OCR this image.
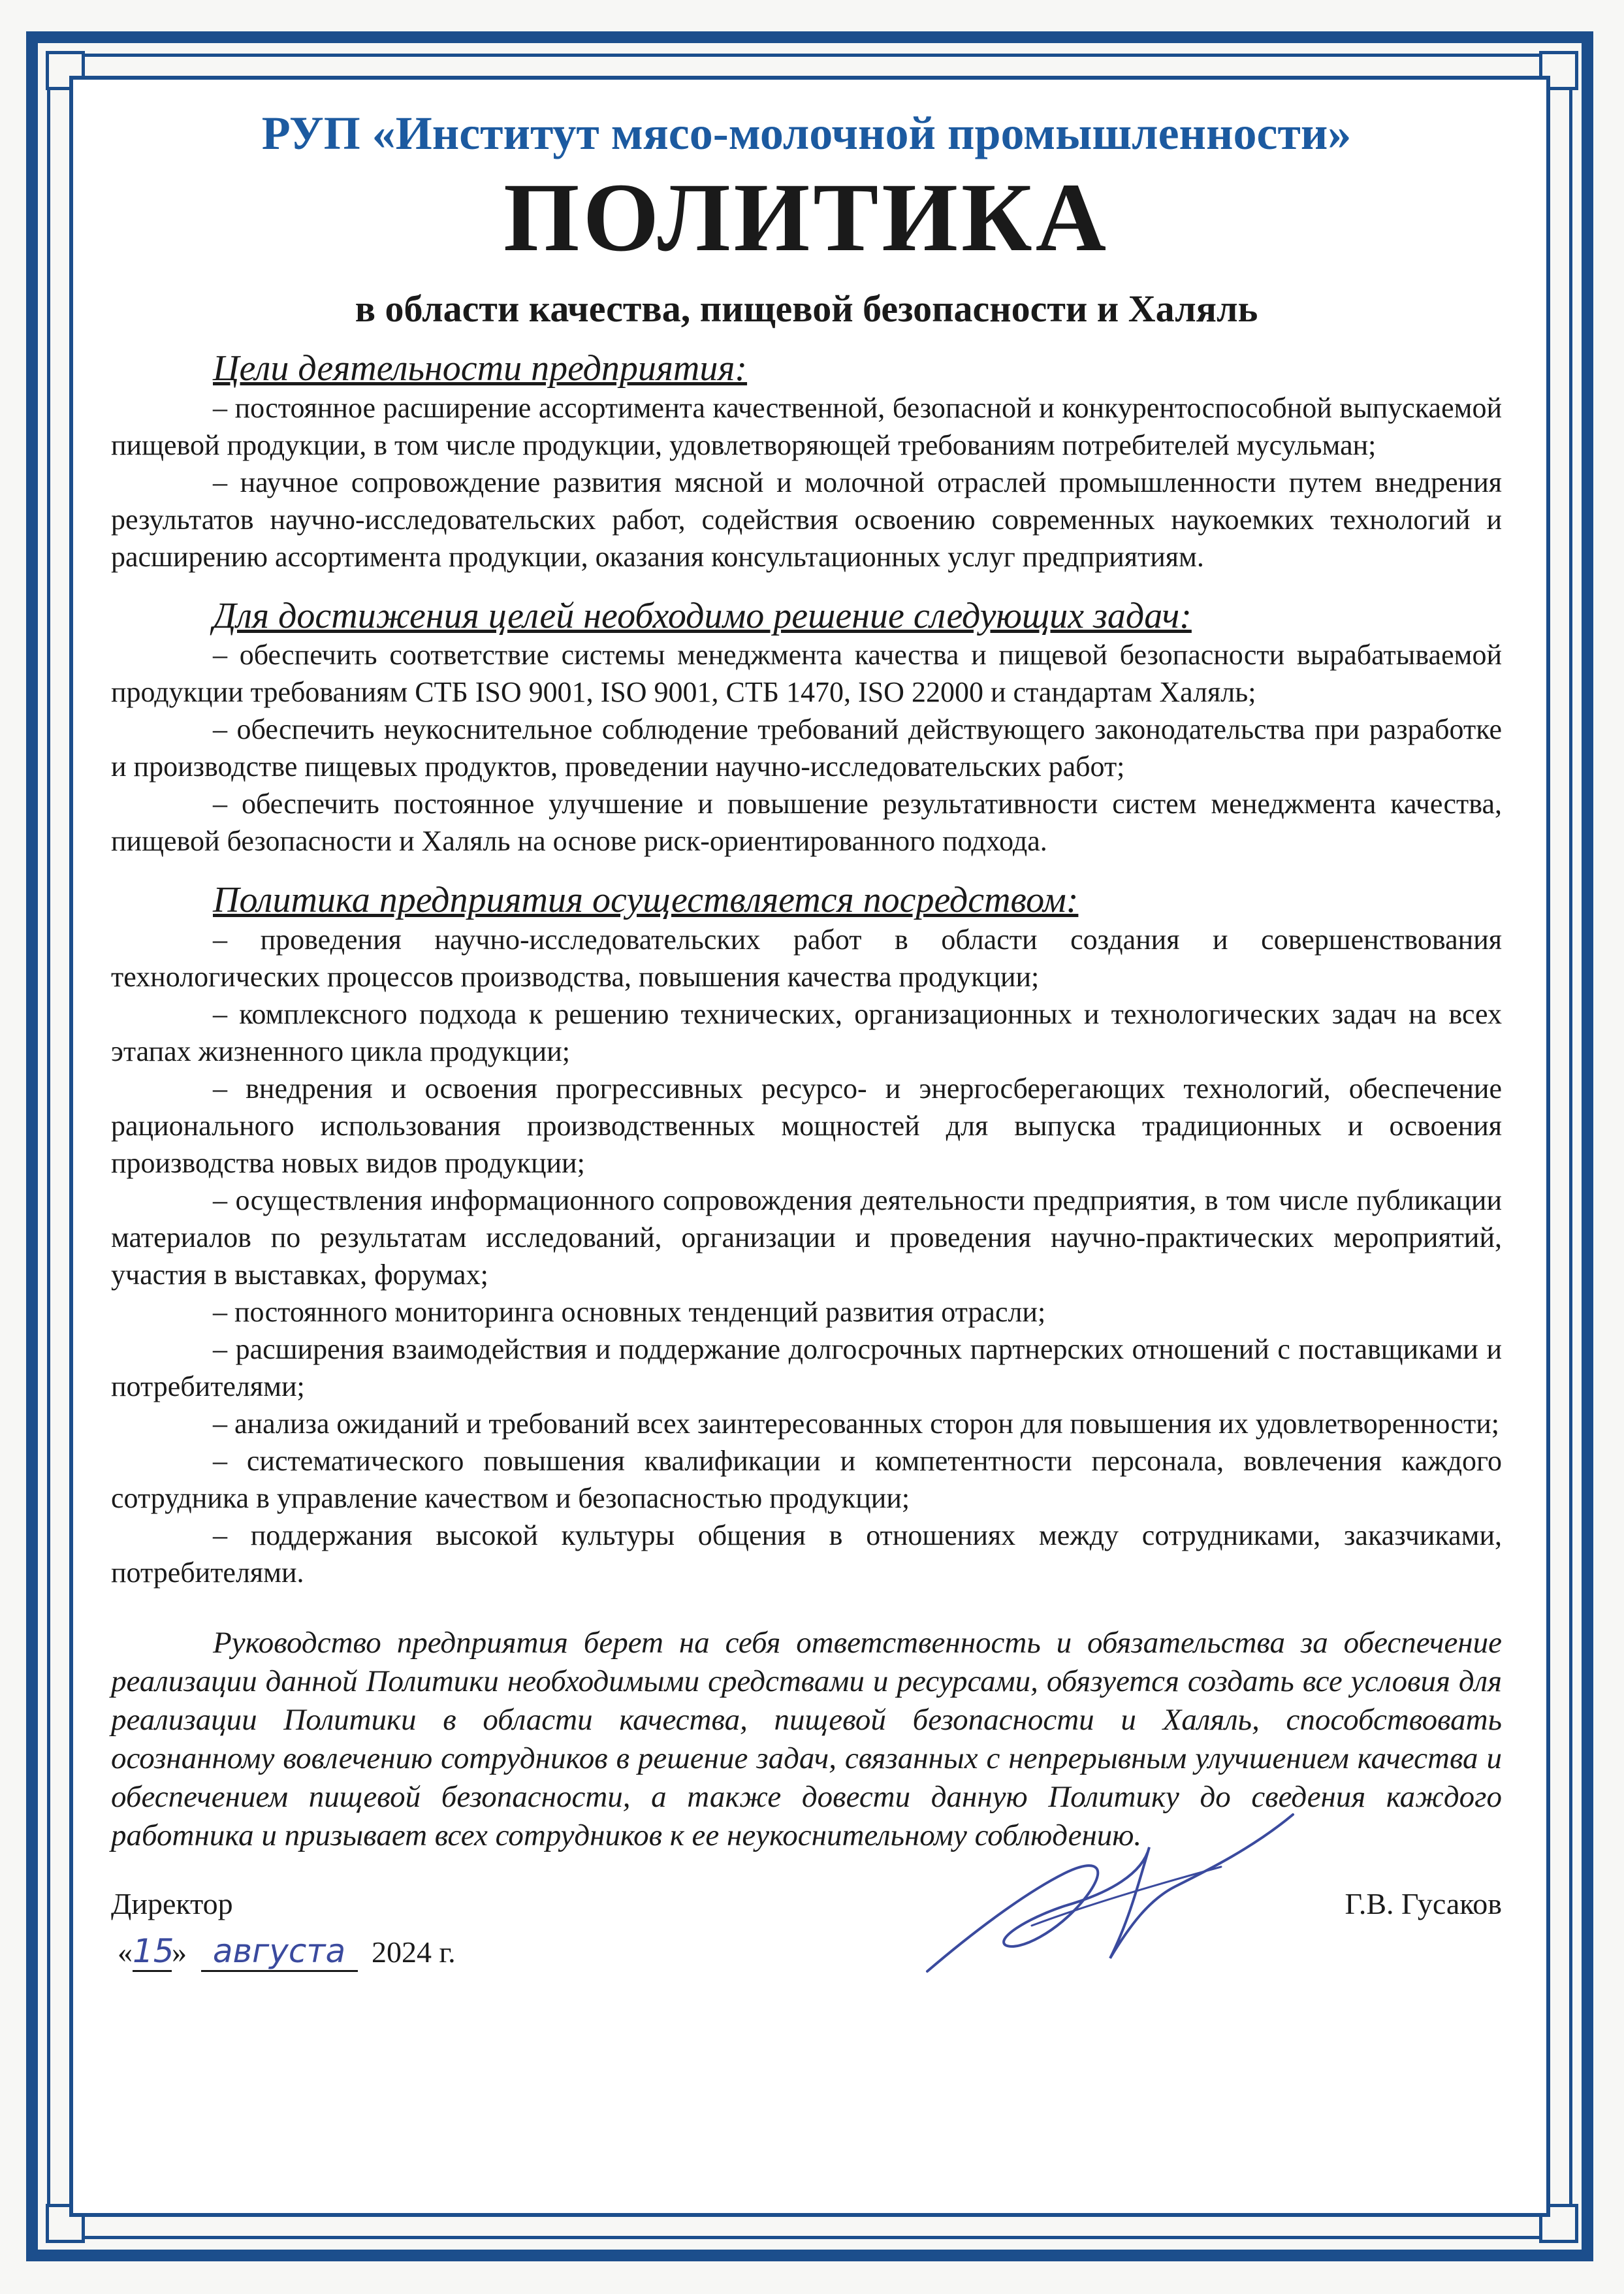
РУП «Институт мясо-молочной промышленности»
ПОЛИТИКА
в области качества, пищевой безопасности и Халяль
Цели деятельности предприятия:

– постоянное расширение ассортимента качественной, безопасной и конкурентоспособной выпускаемой пищевой продукции, в том числе продукции, удовлетворяющей требованиям потребителей мусульман;

– научное сопровождение развития мясной и молочной отраслей промышленности путем внедрения результатов научно-исследовательских работ, содействия освоению современных наукоемких технологий и расширению ассортимента продукции, оказания консультационных услуг предприятиям.

Для достижения целей необходимо решение следующих задач:

– обеспечить соответствие системы менеджмента качества и пищевой безопасности вырабатываемой продукции требованиям СТБ ISO 9001, ISO 9001, СТБ 1470, ISO 22000 и стандартам Халяль;

– обеспечить неукоснительное соблюдение требований действующего законодательства при разработке и производстве пищевых продуктов, проведении научно-исследовательских работ;

– обеспечить постоянное улучшение и повышение результативности систем менеджмента качества, пищевой безопасности и Халяль на основе риск-ориентированного подхода.

Политика предприятия осуществляется посредством:

– проведения научно-исследовательских работ в области создания и совершенствования технологических процессов производства, повышения качества продукции;

– комплексного подхода к решению технических, организационных и технологических задач на всех этапах жизненного цикла продукции;

– внедрения и освоения прогрессивных ресурсо- и энергосберегающих технологий, обеспечение рационального использования производственных мощностей для выпуска традиционных и освоения производства новых видов продукции;

– осуществления информационного сопровождения деятельности предприятия, в том числе публикации материалов по результатам исследований, организации и проведения научно-практических мероприятий, участия в выставках, форумах;

– постоянного мониторинга основных тенденций развития отрасли;

– расширения взаимодействия и поддержание долгосрочных партнерских отношений с поставщиками и потребителями;

– анализа ожиданий и требований всех заинтересованных сторон для повышения их удовлетворенности;

– систематического повышения квалификации и компетентности персонала, вовлечения каждого сотрудника в управление качеством и безопасностью продукции;

– поддержания высокой культуры общения в отношениях между сотрудниками, заказчиками, потребителями.

Руководство предприятия берет на себя ответственность и обязательства за обеспечение реализации данной Политики необходимыми средствами и ресурсами, обязуется создать все условия для реализации Политики в области качества, пищевой безопасности и Халяль, способствовать осознанному вовлечению сотрудников в решение задач, связанных с непрерывным улучшением качества и обеспечением пищевой безопасности, а также довести данную Политику до сведения каждого работника и призывает всех сотрудников к ее неукоснительному соблюдению.

Директор	Г.В. Гусаков
«15» августа 2024 г.
